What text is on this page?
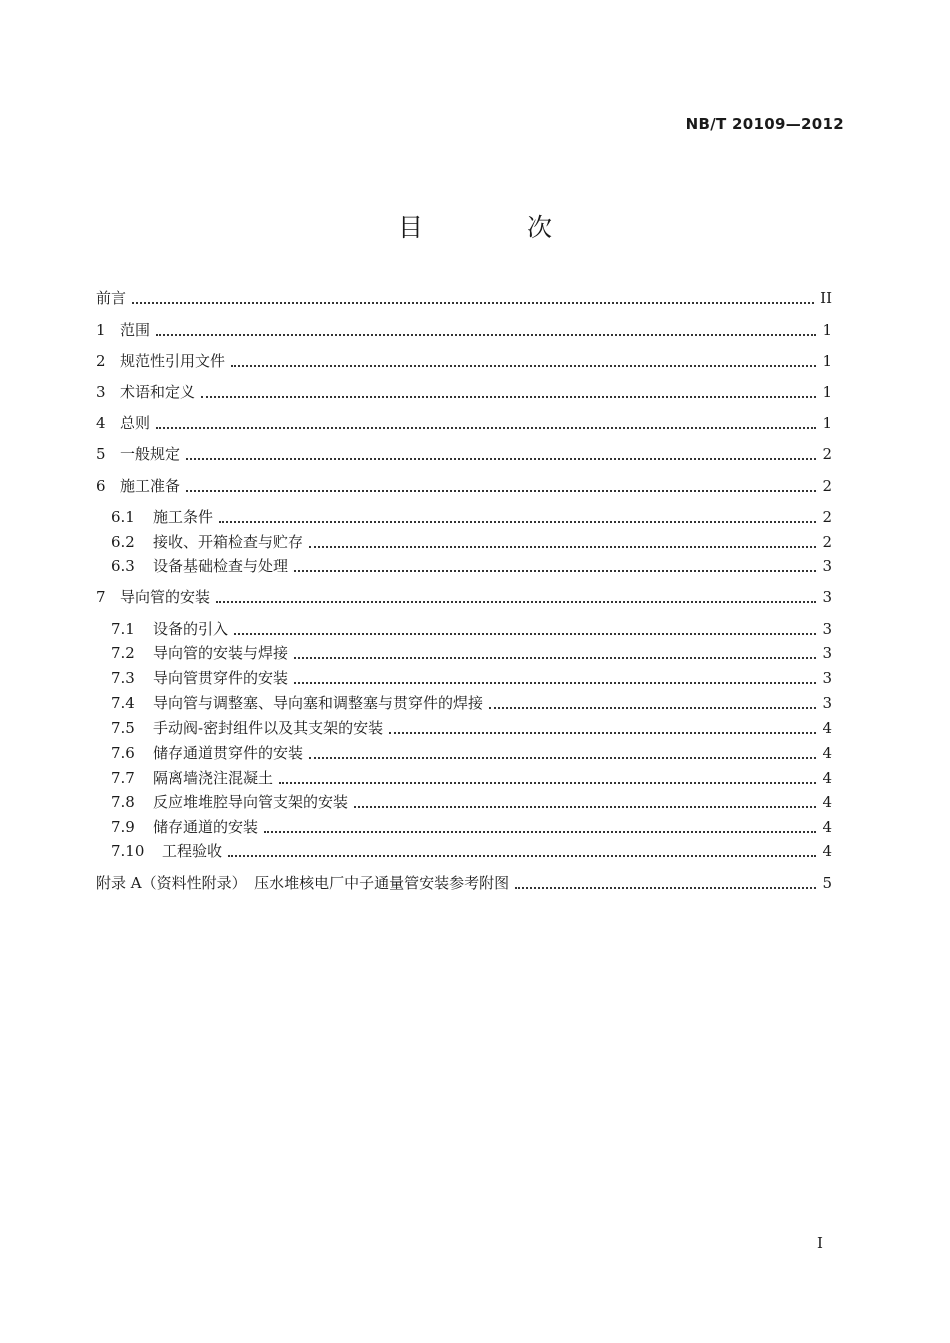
NB/T 20109—2012
目 次
前言	II
1 范围	1
2 规范性引用文件	1
3 术语和定义	1
4 总则	1
5 一般规定	2
6 施工准备	2
6.1	施工条件	2
6.2	接收、开箱检查与贮存	2
6.3	设备基础检查与处理	3
7 导向管的安装	3
7.1	设备的引入	3
7.2	导向管的安装与焊接	3
7.3	导向管贯穿件的安装	3
7.4	导向管与调整塞、导向塞和调整塞与贯穿件的焊接	3
7.5	手动阀-密封组件以及其支架的安装	4
7.6	储存通道贯穿件的安装	4
7.7	隔离墙浇注混凝土	4
7.8	反应堆堆腔导向管支架的安装	4
7.9	储存通道的安装	4
7.10	工程验收	4
附录 A（资料性附录）　压水堆核电厂中子通量管安装参考附图	5
I
